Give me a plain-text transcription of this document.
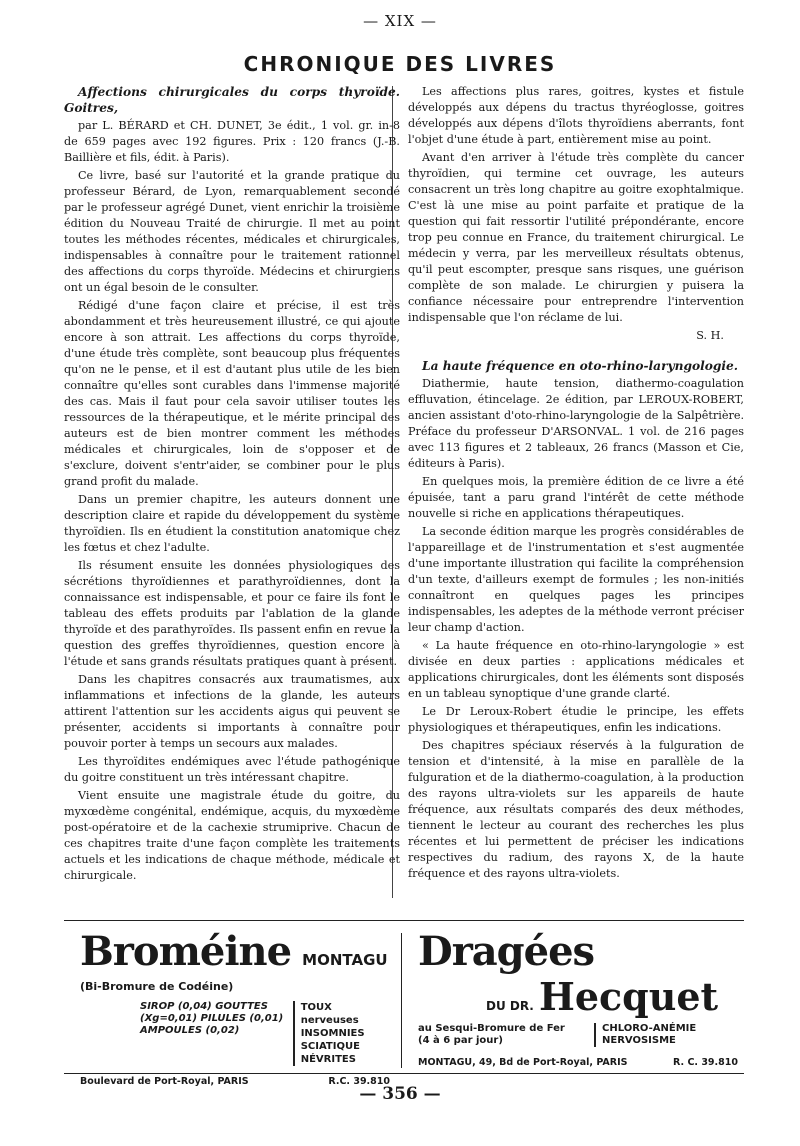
— XIX —
CHRONIQUE DES LIVRES

Affections chirurgicales du corps thyroïde. Goitres,

par L. BÉRARD et CH. DUNET, 3e édit., 1 vol. gr. in-8 de 659 pages avec 192 figures. Prix : 120 francs (J.-B. Baillière et fils, édit. à Paris).

Ce livre, basé sur l'autorité et la grande pratique du professeur Bérard, de Lyon, remarquablement secondé par le professeur agrégé Dunet, vient enrichir la troisième édition du Nouveau Traité de chirurgie. Il met au point toutes les méthodes récentes, médicales et chirurgicales, indispensables à connaître pour le traitement rationnel des affections du corps thyroïde. Médecins et chirurgiens ont un égal besoin de le consulter.

Rédigé d'une façon claire et précise, il est très abondamment et très heureusement illustré, ce qui ajoute encore à son attrait. Les affections du corps thyroïde, d'une étude très complète, sont beaucoup plus fréquentes qu'on ne le pense, et il est d'autant plus utile de les bien connaître qu'elles sont curables dans l'immense majorité des cas. Mais il faut pour cela savoir utiliser toutes les ressources de la thérapeutique, et le mérite principal des auteurs est de bien montrer comment les méthodes médicales et chirurgicales, loin de s'opposer et de s'exclure, doivent s'entr'aider, se combiner pour le plus grand profit du malade.

Dans un premier chapitre, les auteurs donnent une description claire et rapide du développement du système thyroïdien. Ils en étudient la constitution anatomique chez les fœtus et chez l'adulte.

Ils résument ensuite les données physiologiques des sécrétions thyroïdiennes et parathyroïdiennes, dont la connaissance est indispensable, et pour ce faire ils font le tableau des effets produits par l'ablation de la glande thyroïde et des parathyroïdes. Ils passent enfin en revue la question des greffes thyroïdiennes, question encore à l'étude et sans grands résultats pratiques quant à présent.

Dans les chapitres consacrés aux traumatismes, aux inflammations et infections de la glande, les auteurs attirent l'attention sur les accidents aigus qui peuvent se présenter, accidents si importants à connaître pour pouvoir porter à temps un secours aux malades.

Les thyroïdites endémiques avec l'étude pathogénique du goitre constituent un très intéressant chapitre.

Vient ensuite une magistrale étude du goitre, du myxœdème congénital, endémique, acquis, du myxœdème post-opératoire et de la cachexie strumiprive. Chacun de ces chapitres traite d'une façon complète les traitements actuels et les indications de chaque méthode, médicale et chirurgicale.

Les affections plus rares, goitres, kystes et fistule développés aux dépens du tractus thyréoglosse, goitres développés aux dépens d'îlots thyroïdiens aberrants, font l'objet d'une étude à part, entièrement mise au point.

Avant d'en arriver à l'étude très complète du cancer thyroïdien, qui termine cet ouvrage, les auteurs consacrent un très long chapitre au goitre exophtalmique. C'est là une mise au point parfaite et pratique de la question qui fait ressortir l'utilité prépondérante, encore trop peu connue en France, du traitement chirurgical. Le médecin y verra, par les merveilleux résultats obtenus, qu'il peut escompter, presque sans risques, une guérison complète de son malade. Le chirurgien y puisera la confiance nécessaire pour entreprendre l'intervention indispensable que l'on réclame de lui.

S. H.

La haute fréquence en oto-rhino-laryngologie.

Diathermie, haute tension, diathermo-coagulation effluvation, étincelage. 2e édition, par LEROUX-ROBERT, ancien assistant d'oto-rhino-laryngologie de la Salpêtrière. Préface du professeur D'ARSONVAL. 1 vol. de 216 pages avec 113 figures et 2 tableaux, 26 francs (Masson et Cie, éditeurs à Paris).

En quelques mois, la première édition de ce livre a été épuisée, tant a paru grand l'intérêt de cette méthode nouvelle si riche en applications thérapeutiques.

La seconde édition marque les progrès considérables de l'appareillage et de l'instrumentation et s'est augmentée d'une importante illustration qui facilite la compréhension d'un texte, d'ailleurs exempt de formules ; les non-initiés connaîtront en quelques pages les principes indispensables, les adeptes de la méthode verront préciser leur champ d'action.

« La haute fréquence en oto-rhino-laryngologie » est divisée en deux parties : applications médicales et applications chirurgicales, dont les éléments sont disposés en un tableau synoptique d'une grande clarté.

Le Dr Leroux-Robert étudie le principe, les effets physiologiques et thérapeutiques, enfin les indications.

Des chapitres spéciaux réservés à la fulguration de tension et d'intensité, à la mise en parallèle de la fulguration et de la diathermo-coagulation, à la production des rayons ultra-violets sur les appareils de haute fréquence, aux résultats comparés des deux méthodes, tiennent le lecteur au courant des recherches les plus récentes et lui permettent de préciser les indications respectives du radium, des rayons X, de la haute fréquence et des rayons ultra-violets.

Broméine MONTAGU
(Bi-Bromure de Codéine)
SIROP (0,04) GOUTTES (Xg=0,01) PILULES (0,01) AMPOULES (0,02)
TOUX nerveuses
INSOMNIES
SCIATIQUE
NÉVRITES
Boulevard de Port-Royal, PARIS	R.C. 39.810
Dragées
DU DR. Hecquet
au Sesqui-Bromure de Fer
(4 à 6 par jour)
CHLORO-ANÉMIE
NERVOSISME
MONTAGU, 49, Bd de Port-Royal, PARIS	R. C. 39.810
— 356 —
